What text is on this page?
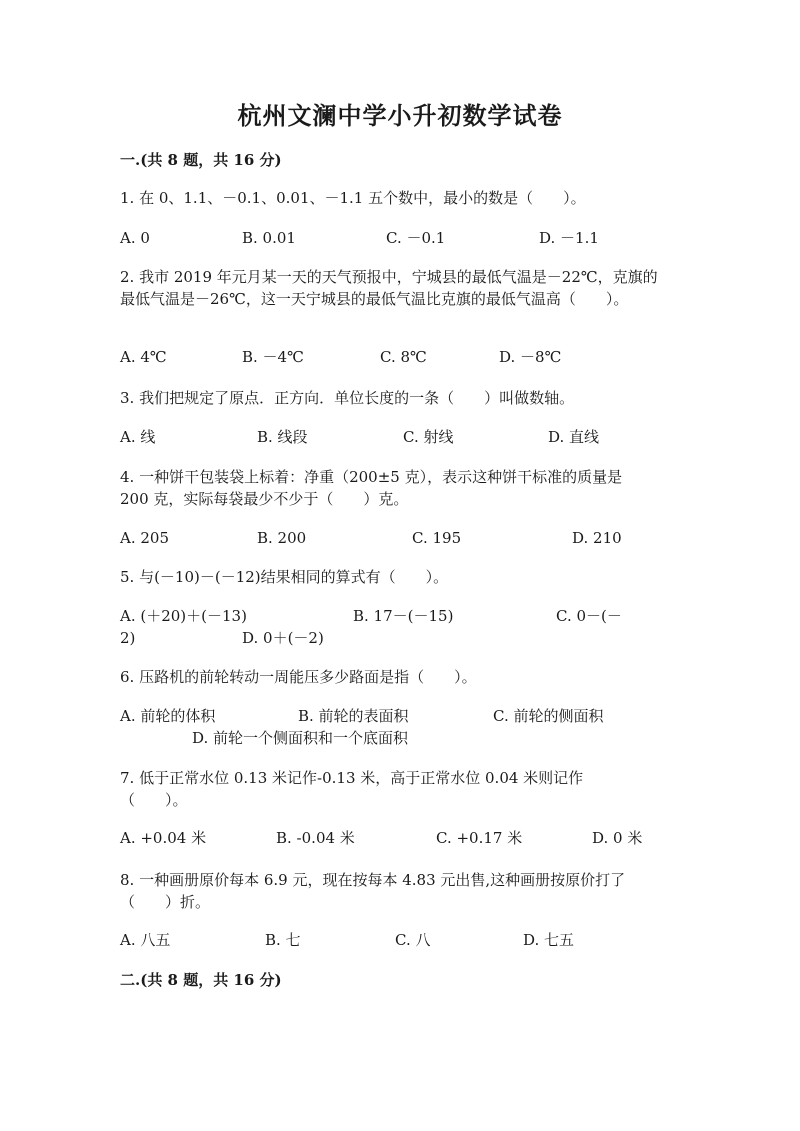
杭州文澜中学小升初数学试卷
一.(共 8 题，共 16 分)
1. 在 0、1.1、－0.1、0.01、－1.1 五个数中，最小的数是（　　）。
A. 0	B. 0.01	C. －0.1	D. －1.1
2. 我市 2019 年元月某一天的天气预报中，宁城县的最低气温是－22℃，克旗的
最低气温是－26℃，这一天宁城县的最低气温比克旗的最低气温高（　　）。
A. 4℃	B. －4℃	C. 8℃	D. －8℃
3. 我们把规定了原点．正方向．单位长度的一条（　　）叫做数轴。
A. 线	B. 线段	C. 射线	D. 直线
4. 一种饼干包装袋上标着：净重（200±5 克），表示这种饼干标准的质量是
200 克，实际每袋最少不少于（　　）克。
A. 205	B. 200	C. 195	D. 210
5. 与(－10)－(－12)结果相同的算式有（　　）。
A. (＋20)＋(－13)	B. 17－(－15)	C. 0－(－
2)	D. 0＋(－2)
6. 压路机的前轮转动一周能压多少路面是指（　　）。
A. 前轮的体积	B. 前轮的表面积	C. 前轮的侧面积
D. 前轮一个侧面积和一个底面积
7. 低于正常水位 0.13 米记作-0.13 米，高于正常水位 0.04 米则记作
（　　）。
A. +0.04 米	B. -0.04 米	C. +0.17 米	D. 0 米
8. 一种画册原价每本 6.9 元，现在按每本 4.83 元出售,这种画册按原价打了
（　　）折。
A. 八五	B. 七	C. 八	D. 七五
二.(共 8 题，共 16 分)
